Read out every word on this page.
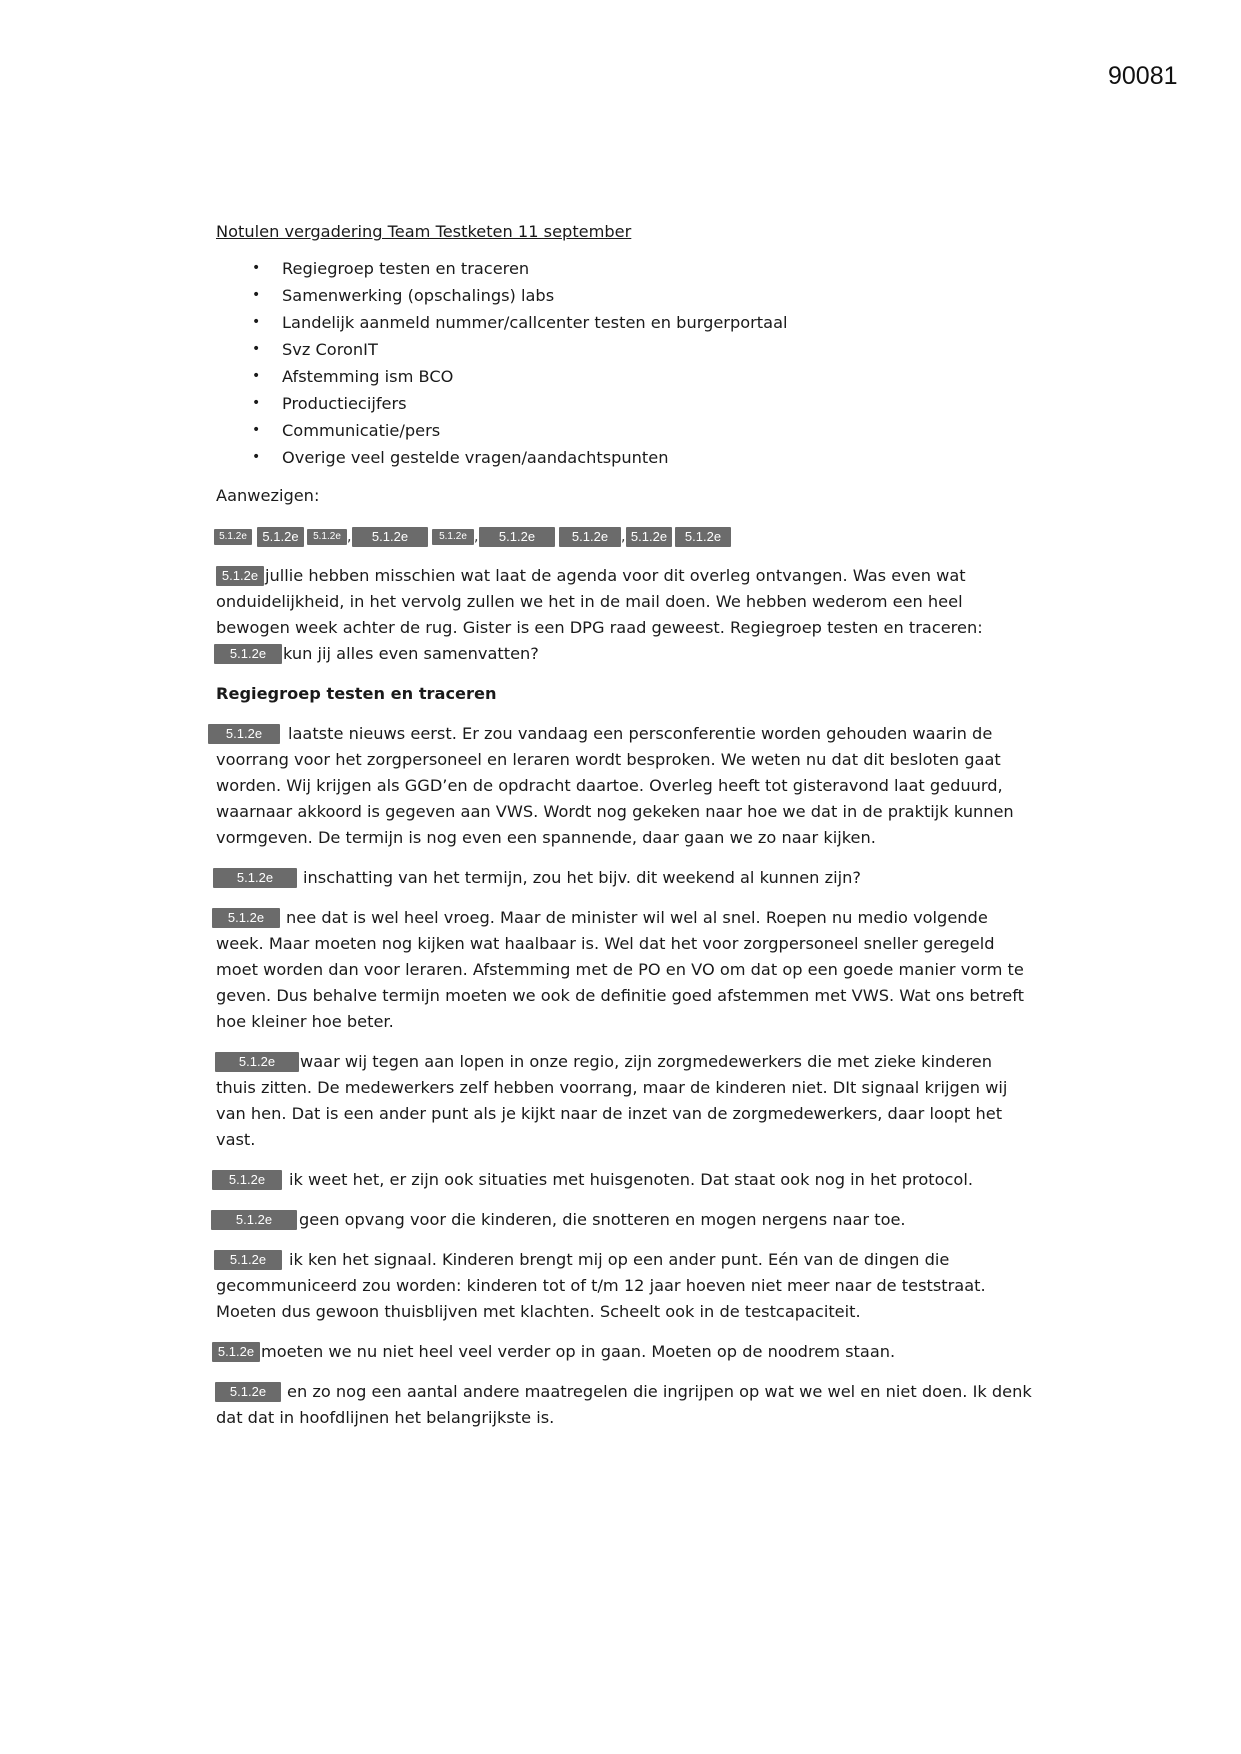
90081
Notulen vergadering Team Testketen 11 september
• Regiegroep testen en traceren
• Samenwerking (opschalings) labs
• Landelijk aanmeld nummer/callcenter testen en burgerportaal
• Svz CoronIT
• Afstemming ism BCO
• Productiecijfers
• Communicatie/pers
• Overige veel gestelde vragen/aandachtspunten
Aanwezigen:
5.1.2e	5.1.2e	5.1.2e ,	5.1.2e	5.1.2e ,	5.1.2e	5.1.2e , 5.1.2e	5.1.2e

5.1.2e jullie hebben misschien wat laat de agenda voor dit overleg ontvangen. Was even wat
onduidelijkheid, in het vervolg zullen we het in de mail doen. We hebben wederom een heel
bewogen week achter de rug. Gister is een DPG raad geweest. Regiegroep testen en traceren:
5.1.2e kun jij alles even samenvatten?

Regiegroep testen en traceren

5.1.2e laatste nieuws eerst. Er zou vandaag een persconferentie worden gehouden waarin de voorrang voor het zorgpersoneel en leraren wordt besproken. We weten nu dat dit besloten gaat worden. Wij krijgen als GGD’en de opdracht daartoe. Overleg heeft tot gisteravond laat geduurd, waarnaar akkoord is gegeven aan VWS. Wordt nog gekeken naar hoe we dat in de praktijk kunnen vormgeven. De termijn is nog even een spannende, daar gaan we zo naar kijken.

5.1.2e inschatting van het termijn, zou het bijv. dit weekend al kunnen zijn?

5.1.2e nee dat is wel heel vroeg. Maar de minister wil wel al snel. Roepen nu medio volgende week. Maar moeten nog kijken wat haalbaar is. Wel dat het voor zorgpersoneel sneller geregeld moet worden dan voor leraren. Afstemming met de PO en VO om dat op een goede manier vorm te geven. Dus behalve termijn moeten we ook de definitie goed afstemmen met VWS. Wat ons betreft hoe kleiner hoe beter.

5.1.2e waar wij tegen aan lopen in onze regio, zijn zorgmedewerkers die met zieke kinderen thuis zitten. De medewerkers zelf hebben voorrang, maar de kinderen niet. DIt signaal krijgen wij van hen. Dat is een ander punt als je kijkt naar de inzet van de zorgmedewerkers, daar loopt het vast.

5.1.2e ik weet het, er zijn ook situaties met huisgenoten. Dat staat ook nog in het protocol.

5.1.2e geen opvang voor die kinderen, die snotteren en mogen nergens naar toe.

5.1.2e ik ken het signaal. Kinderen brengt mij op een ander punt. Eén van de dingen die gecommuniceerd zou worden: kinderen tot of t/m 12 jaar hoeven niet meer naar de teststraat. Moeten dus gewoon thuisblijven met klachten. Scheelt ook in de testcapaciteit.

5.1.2e moeten we nu niet heel veel verder op in gaan. Moeten op de noodrem staan.

5.1.2e en zo nog een aantal andere maatregelen die ingrijpen op wat we wel en niet doen. Ik denk dat dat in hoofdlijnen het belangrijkste is.
